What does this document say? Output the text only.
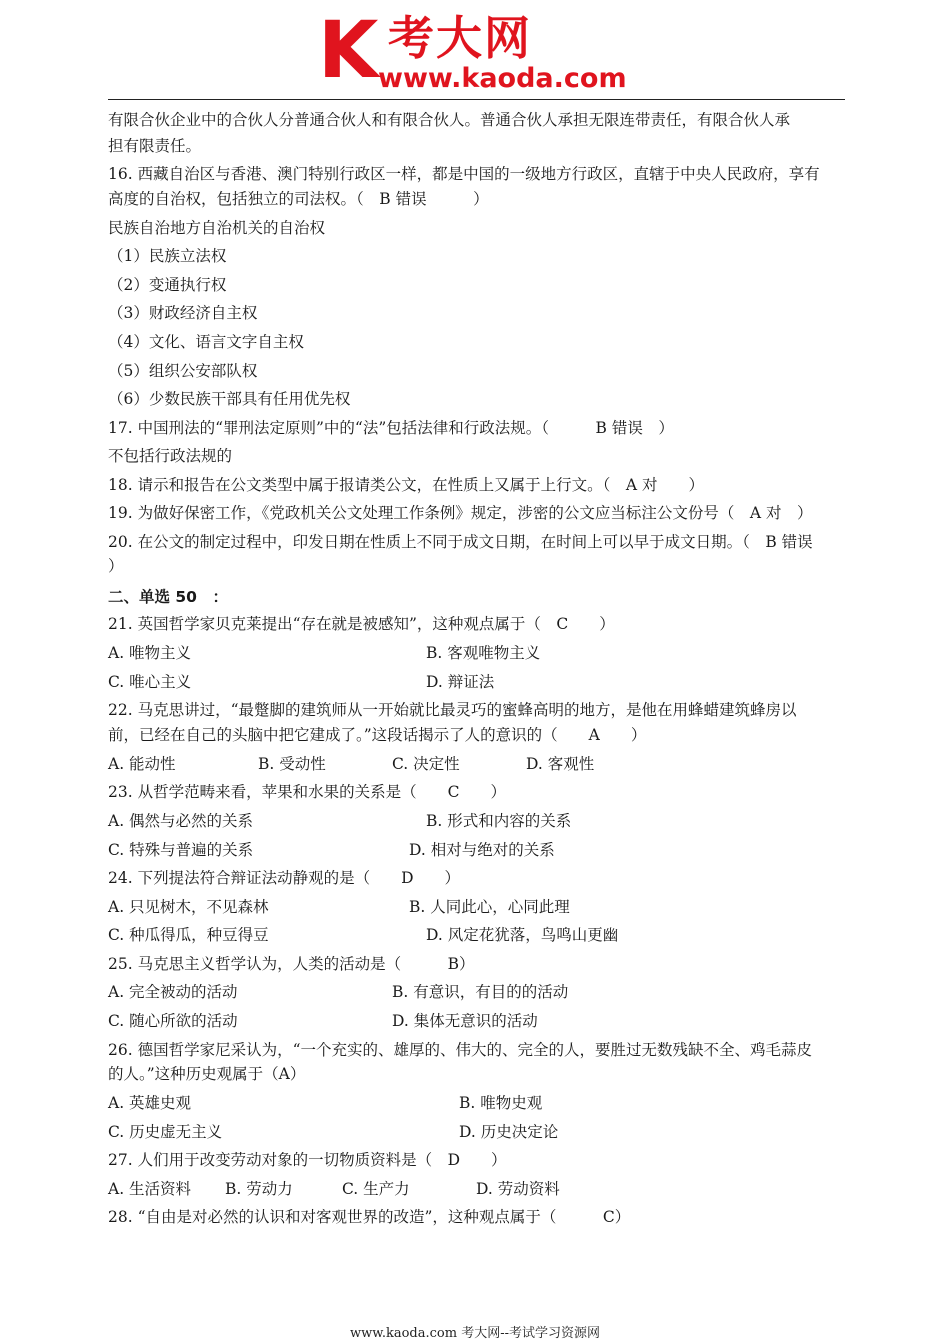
K 考大网
www.kaoda.com
有限合伙企业中的合伙人分普通合伙人和有限合伙人。普通合伙人承担无限连带责任，有限合伙人承
担有限责任。
16. 西藏自治区与香港、澳门特别行政区一样，都是中国的一级地方行政区，直辖于中央人民政府，享有
高度的自治权，包括独立的司法权。（　B 错误　　　）
民族自治地方自治机关的自治权
（1）民族立法权
（2）变通执行权
（3）财政经济自主权
（4）文化、语言文字自主权
（5）组织公安部队权
（6）少数民族干部具有任用优先权
17. 中国刑法的“罪刑法定原则”中的“法”包括法律和行政法规。（　　　B 错误　）
不包括行政法规的
18. 请示和报告在公文类型中属于报请类公文，在性质上又属于上行文。（　A 对　　）
19. 为做好保密工作，《党政机关公文处理工作条例》规定，涉密的公文应当标注公文份号（　A 对　）
20. 在公文的制定过程中，印发日期在性质上不同于成文日期，在时间上可以早于成文日期。（　B 错误
）
二、单选 50　：
21. 英国哲学家贝克莱提出“存在就是被感知”，这种观点属于（　C　　）
A. 唯物主义	B. 客观唯物主义
C. 唯心主义	D. 辩证法
22. 马克思讲过，“最蹩脚的建筑师从一开始就比最灵巧的蜜蜂高明的地方，是他在用蜂蜡建筑蜂房以
前，已经在自己的头脑中把它建成了。”这段话揭示了人的意识的（　　A　　）
A. 能动性	B. 受动性	C. 决定性	D. 客观性
23. 从哲学范畴来看，苹果和水果的关系是（　　C　　）
A. 偶然与必然的关系	B. 形式和内容的关系
C. 特殊与普遍的关系	D. 相对与绝对的关系
24. 下列提法符合辩证法动静观的是（　　D　　）
A. 只见树木，不见森林	B. 人同此心，心同此理
C. 种瓜得瓜，种豆得豆	D. 风定花犹落，鸟鸣山更幽
25. 马克思主义哲学认为，人类的活动是（　　　B）
A. 完全被动的活动	B. 有意识，有目的的活动
C. 随心所欲的活动	D. 集体无意识的活动
26. 德国哲学家尼采认为，“一个充实的、雄厚的、伟大的、完全的人，要胜过无数残缺不全、鸡毛蒜皮
的人。”这种历史观属于（A）
A. 英雄史观	B. 唯物史观
C. 历史虚无主义	D. 历史决定论
27. 人们用于改变劳动对象的一切物质资料是（　D　　）
A. 生活资料 B. 劳动力	C. 生产力	D. 劳动资料
28. “自由是对必然的认识和对客观世界的改造”，这种观点属于（　　　C）
www.kaoda.com 考大网--考试学习资源网
